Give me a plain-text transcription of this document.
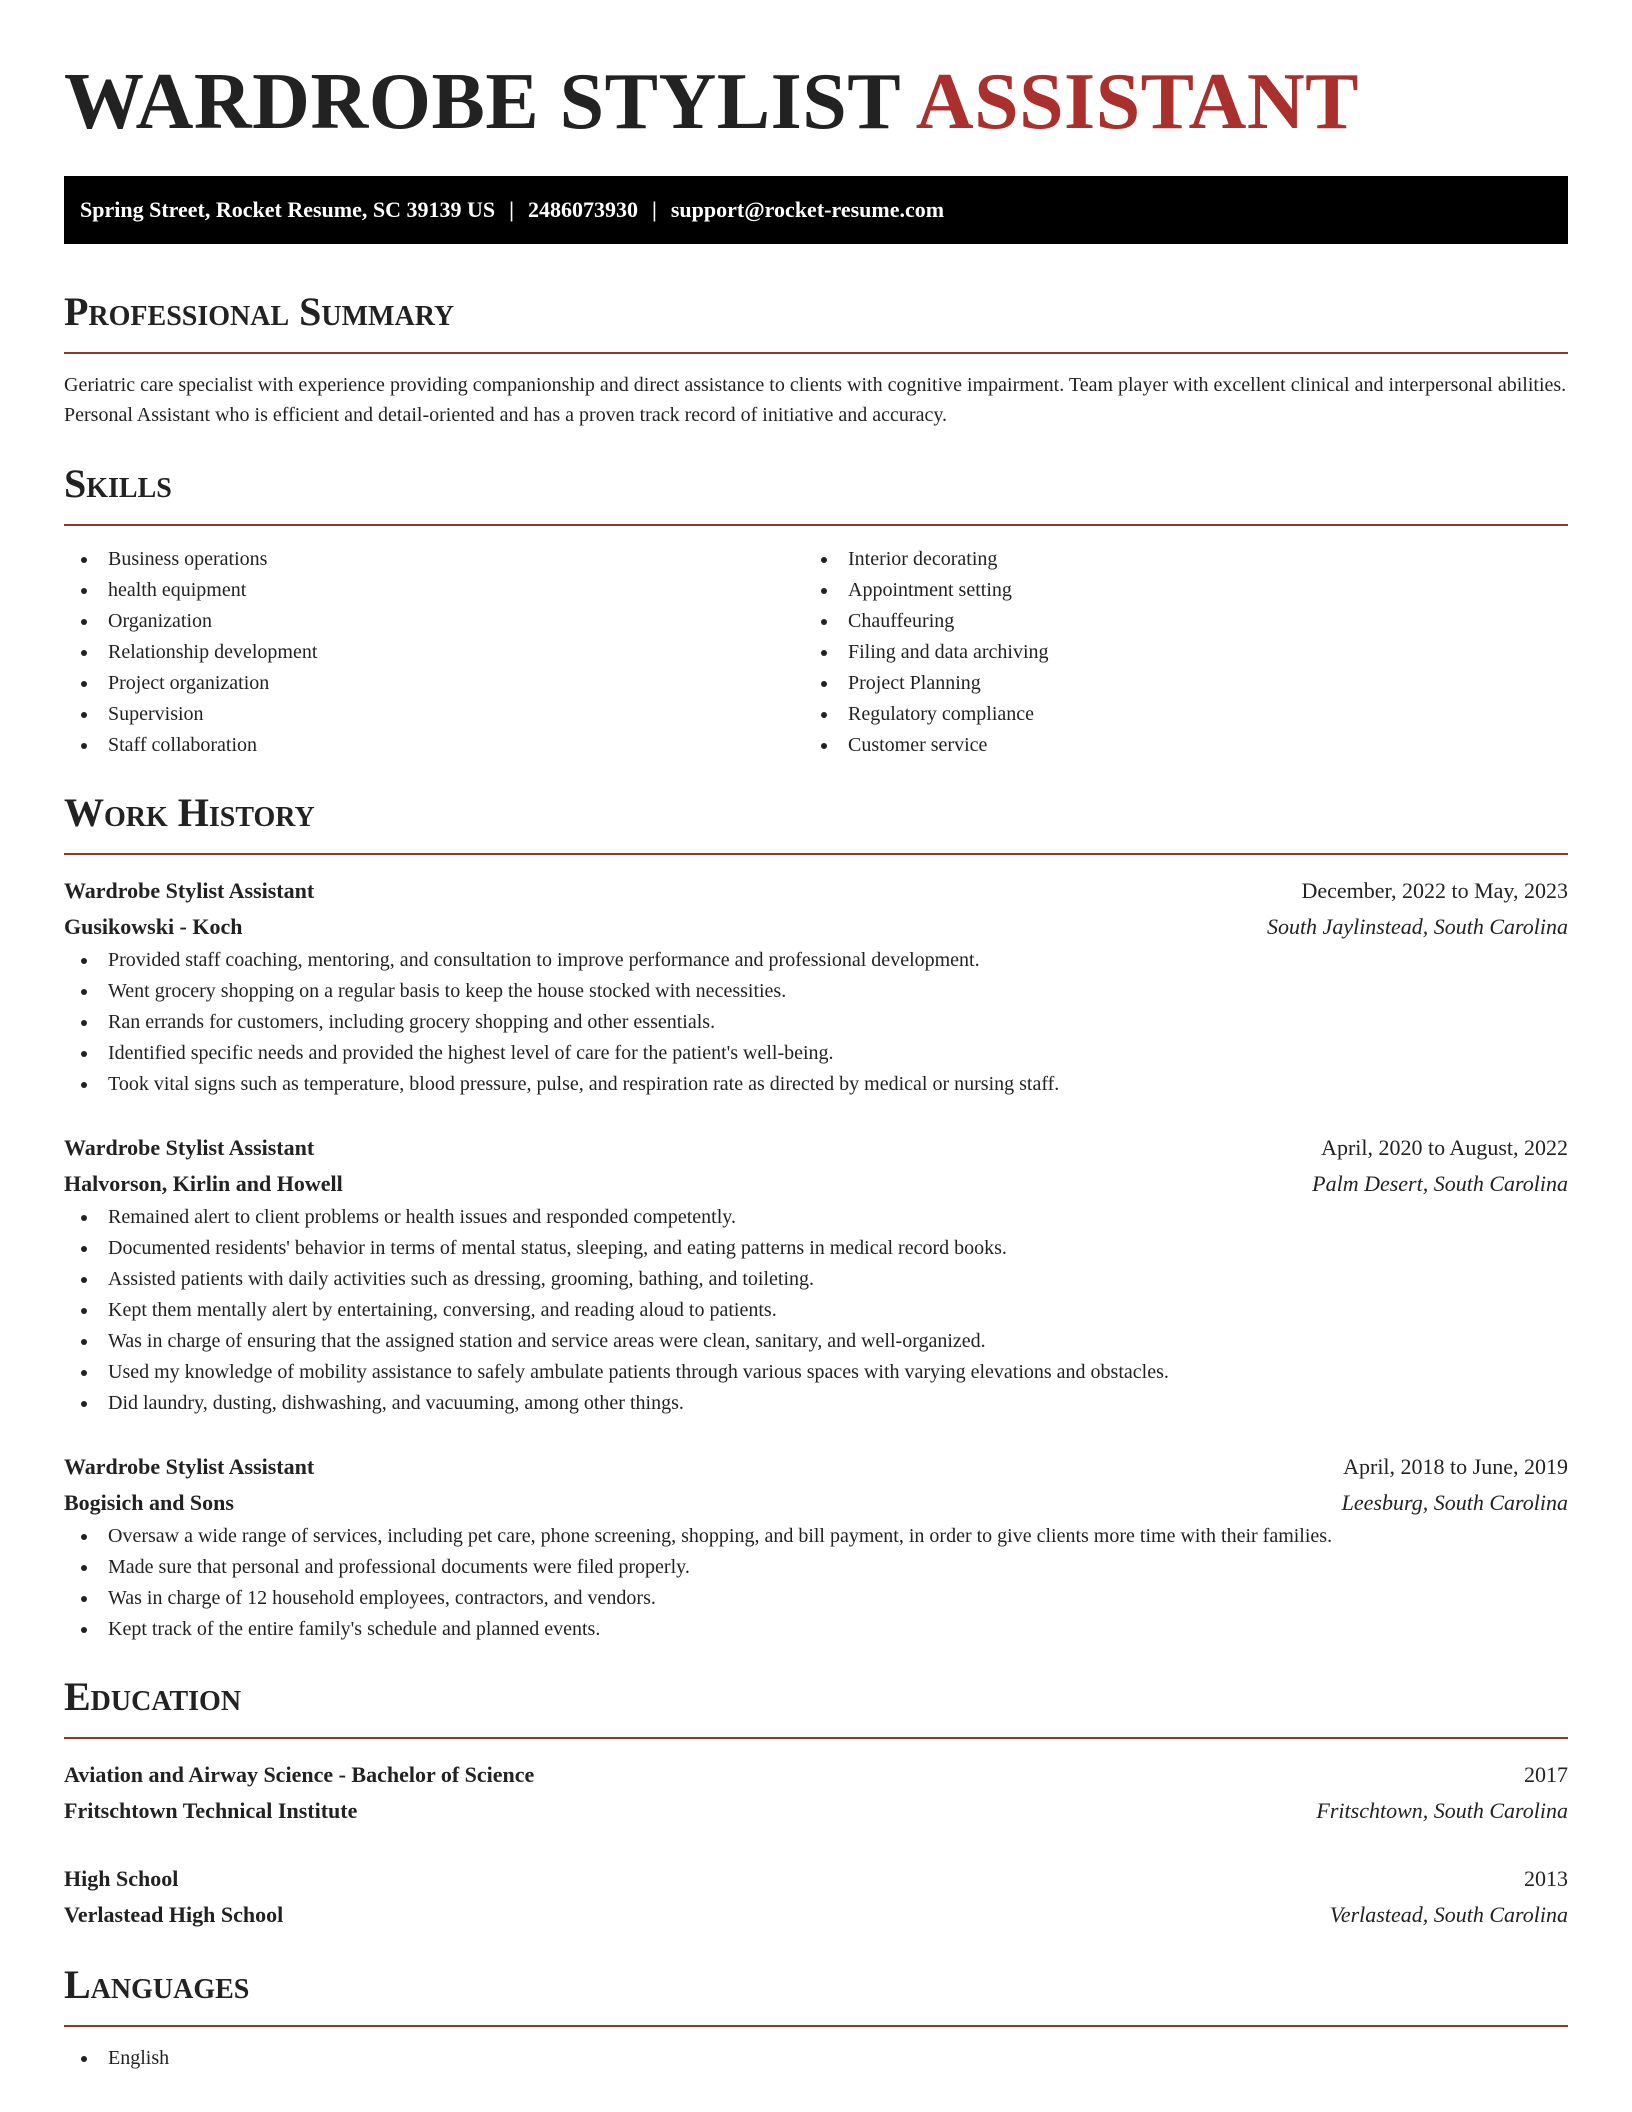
WARDROBE STYLIST ASSISTANT
Spring Street, Rocket Resume, SC 39139 US | 2486073930 | support@rocket-resume.com
Professional Summary
Geriatric care specialist with experience providing companionship and direct assistance to clients with cognitive impairment. Team player with excellent clinical and interpersonal abilities. Personal Assistant who is efficient and detail-oriented and has a proven track record of initiative and accuracy.
Skills
Business operations
health equipment
Organization
Relationship development
Project organization
Supervision
Staff collaboration
Interior decorating
Appointment setting
Chauffeuring
Filing and data archiving
Project Planning
Regulatory compliance
Customer service
Work History
Wardrobe Stylist Assistant	December, 2022 to May, 2023
Gusikowski - Koch	South Jaylinstead, South Carolina
Provided staff coaching, mentoring, and consultation to improve performance and professional development.
Went grocery shopping on a regular basis to keep the house stocked with necessities.
Ran errands for customers, including grocery shopping and other essentials.
Identified specific needs and provided the highest level of care for the patient's well-being.
Took vital signs such as temperature, blood pressure, pulse, and respiration rate as directed by medical or nursing staff.
Wardrobe Stylist Assistant	April, 2020 to August, 2022
Halvorson, Kirlin and Howell	Palm Desert, South Carolina
Remained alert to client problems or health issues and responded competently.
Documented residents' behavior in terms of mental status, sleeping, and eating patterns in medical record books.
Assisted patients with daily activities such as dressing, grooming, bathing, and toileting.
Kept them mentally alert by entertaining, conversing, and reading aloud to patients.
Was in charge of ensuring that the assigned station and service areas were clean, sanitary, and well-organized.
Used my knowledge of mobility assistance to safely ambulate patients through various spaces with varying elevations and obstacles.
Did laundry, dusting, dishwashing, and vacuuming, among other things.
Wardrobe Stylist Assistant	April, 2018 to June, 2019
Bogisich and Sons	Leesburg, South Carolina
Oversaw a wide range of services, including pet care, phone screening, shopping, and bill payment, in order to give clients more time with their families.
Made sure that personal and professional documents were filed properly.
Was in charge of 12 household employees, contractors, and vendors.
Kept track of the entire family's schedule and planned events.
Education
Aviation and Airway Science - Bachelor of Science	2017
Fritschtown Technical Institute	Fritschtown, South Carolina
High School	2013
Verlastead High School	Verlastead, South Carolina
Languages
English
